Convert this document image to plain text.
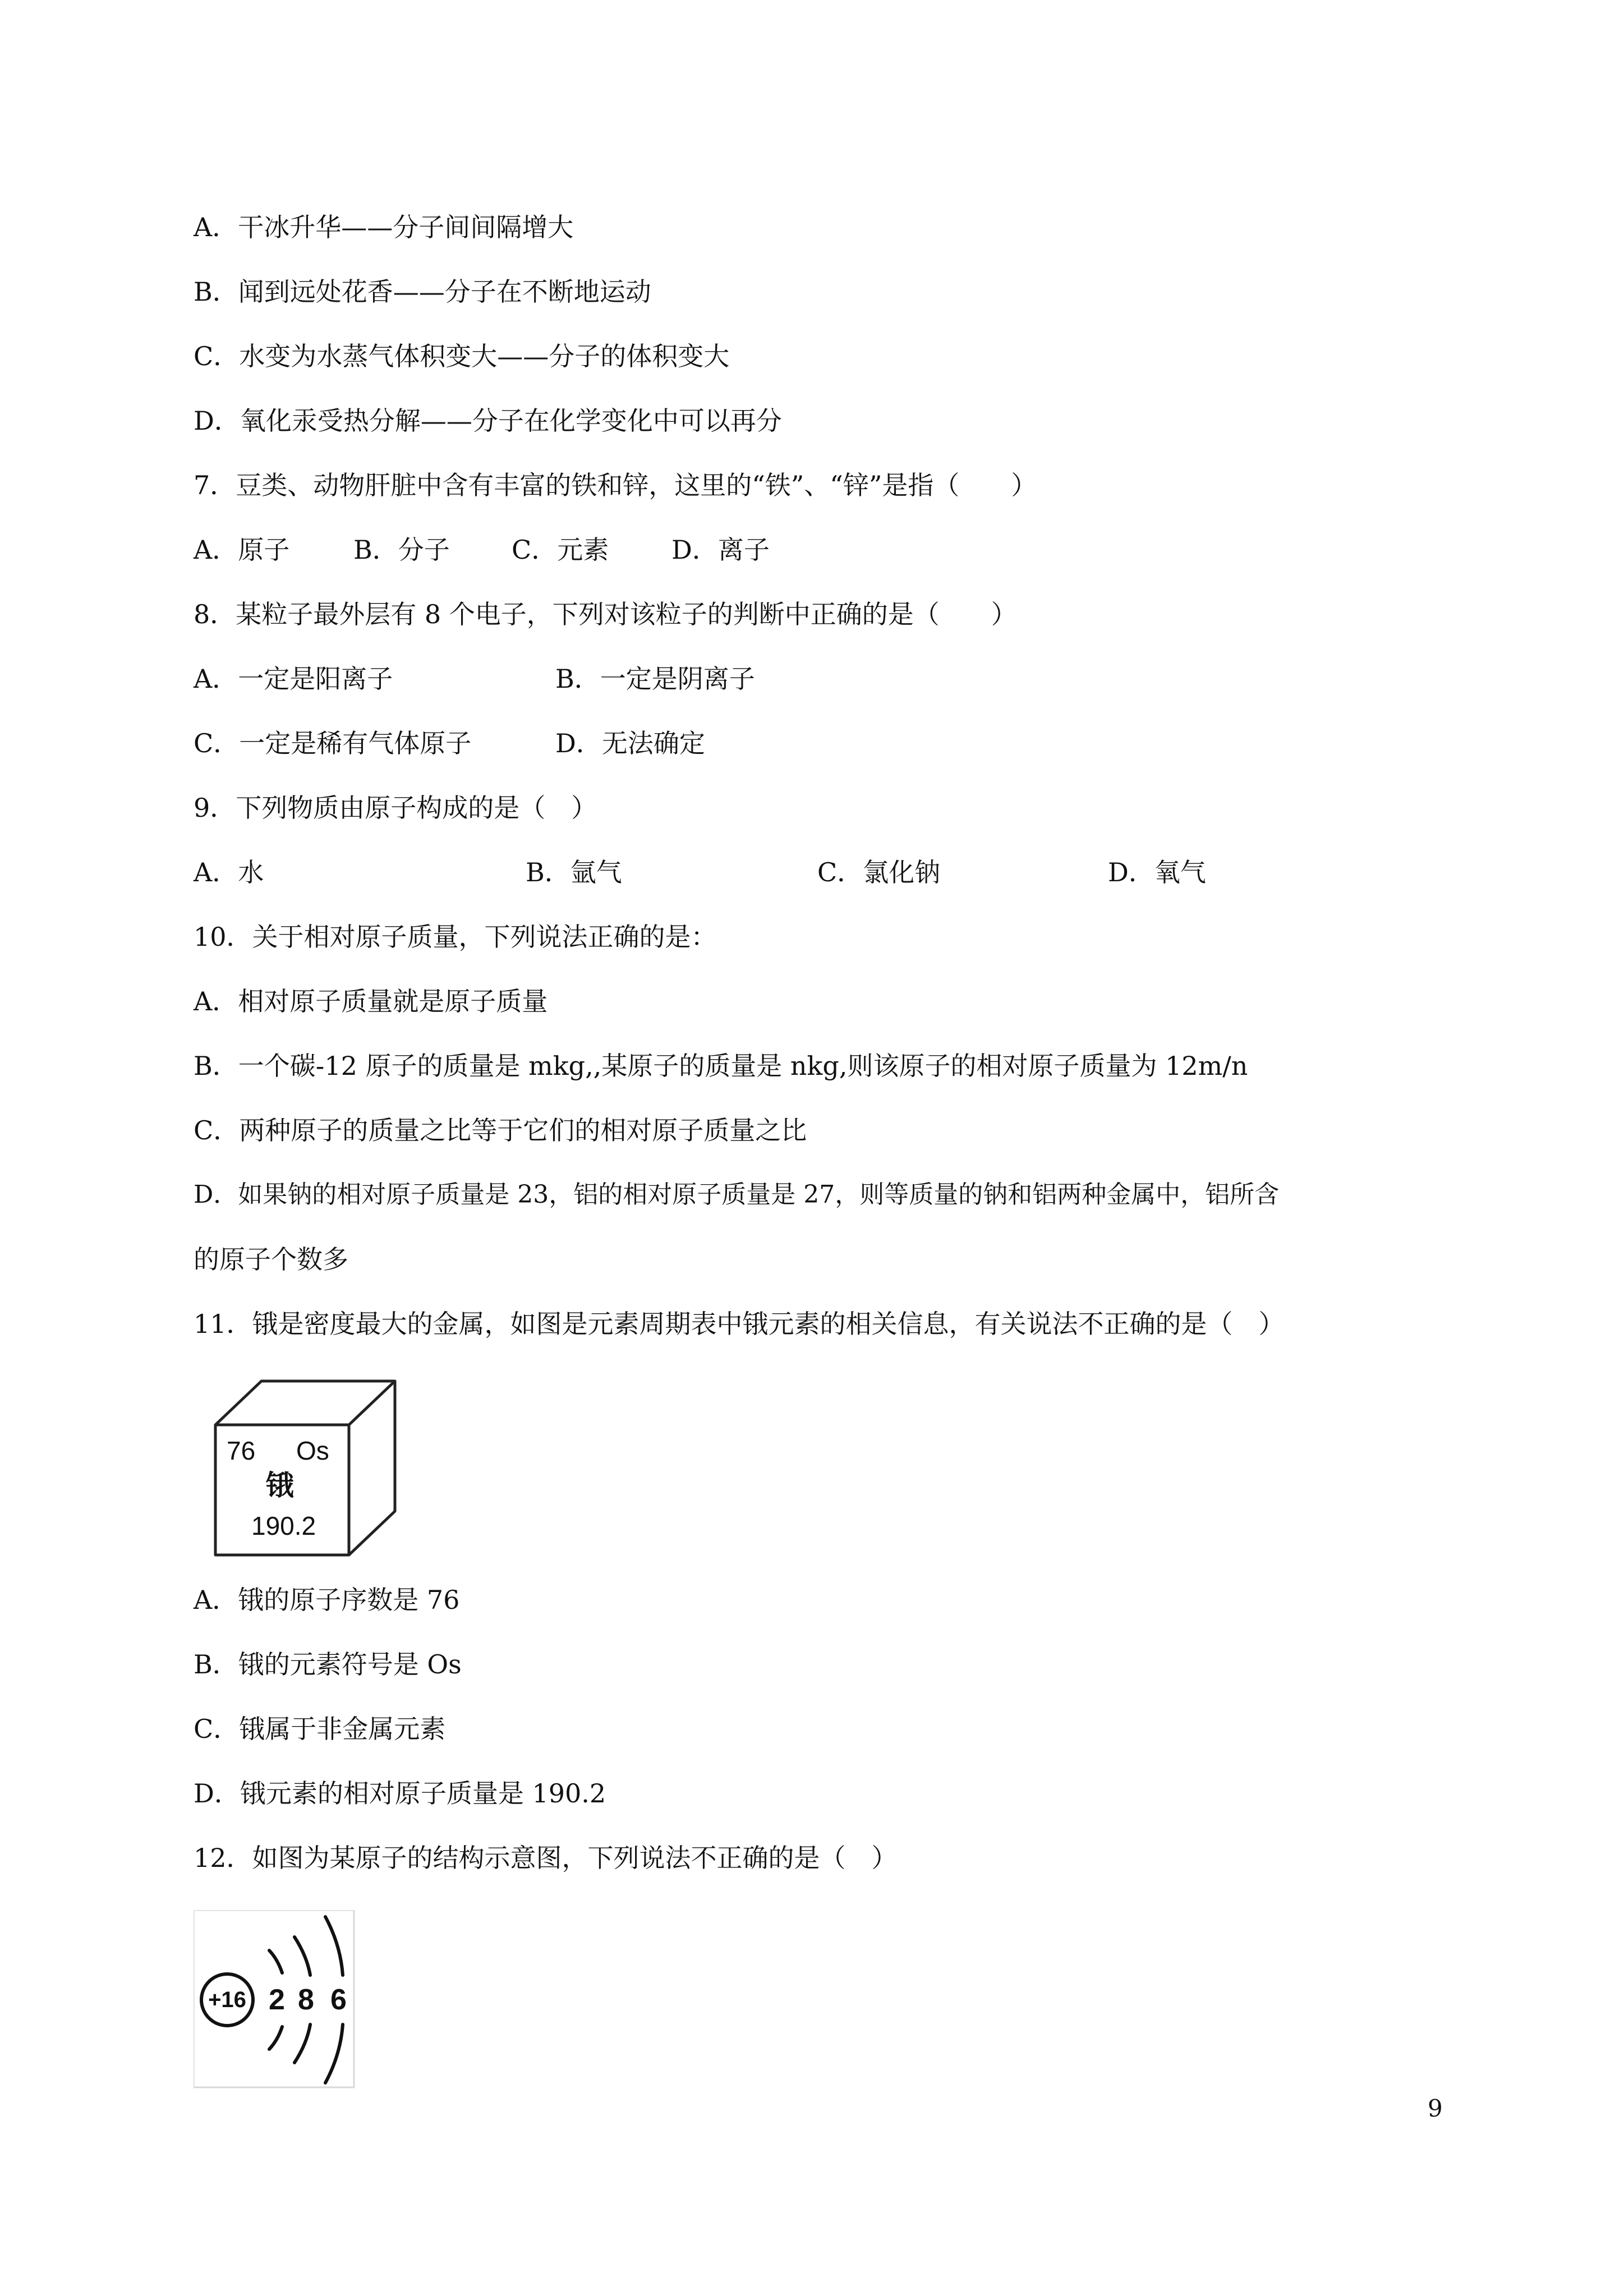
A．干冰升华——分子间间隔增大
B．闻到远处花香——分子在不断地运动
C．水变为水蒸气体积变大——分子的体积变大
D．氧化汞受热分解——分子在化学变化中可以再分
7．豆类、动物肝脏中含有丰富的铁和锌，这里的“铁”、“锌”是指（　　）
A．原子 B．分子 C．元素 D．离子
8．某粒子最外层有 8 个电子，下列对该粒子的判断中正确的是（　　）
A．一定是阳离子	B．一定是阴离子
C．一定是稀有气体原子	D．无法确定
9．下列物质由原子构成的是（　）
A．水	B．氩气	C．氯化钠	D．氧气
10．关于相对原子质量，下列说法正确的是：
A．相对原子质量就是原子质量
B．一个碳-12 原子的质量是 mkg,,某原子的质量是 nkg,则该原子的相对原子质量为 12m/n
C．两种原子的质量之比等于它们的相对原子质量之比
D．如果钠的相对原子质量是 23，铝的相对原子质量是 27，则等质量的钠和铝两种金属中，铝所含
的原子个数多
11．锇是密度最大的金属，如图是元素周期表中锇元素的相关信息，有关说法不正确的是（　）
76 Os
锇
190.2
A．锇的原子序数是 76
B．锇的元素符号是 Os
C．锇属于非金属元素
D．锇元素的相对原子质量是 190.2
12．如图为某原子的结构示意图，下列说法不正确的是（　）
+16 2 8 6
9
